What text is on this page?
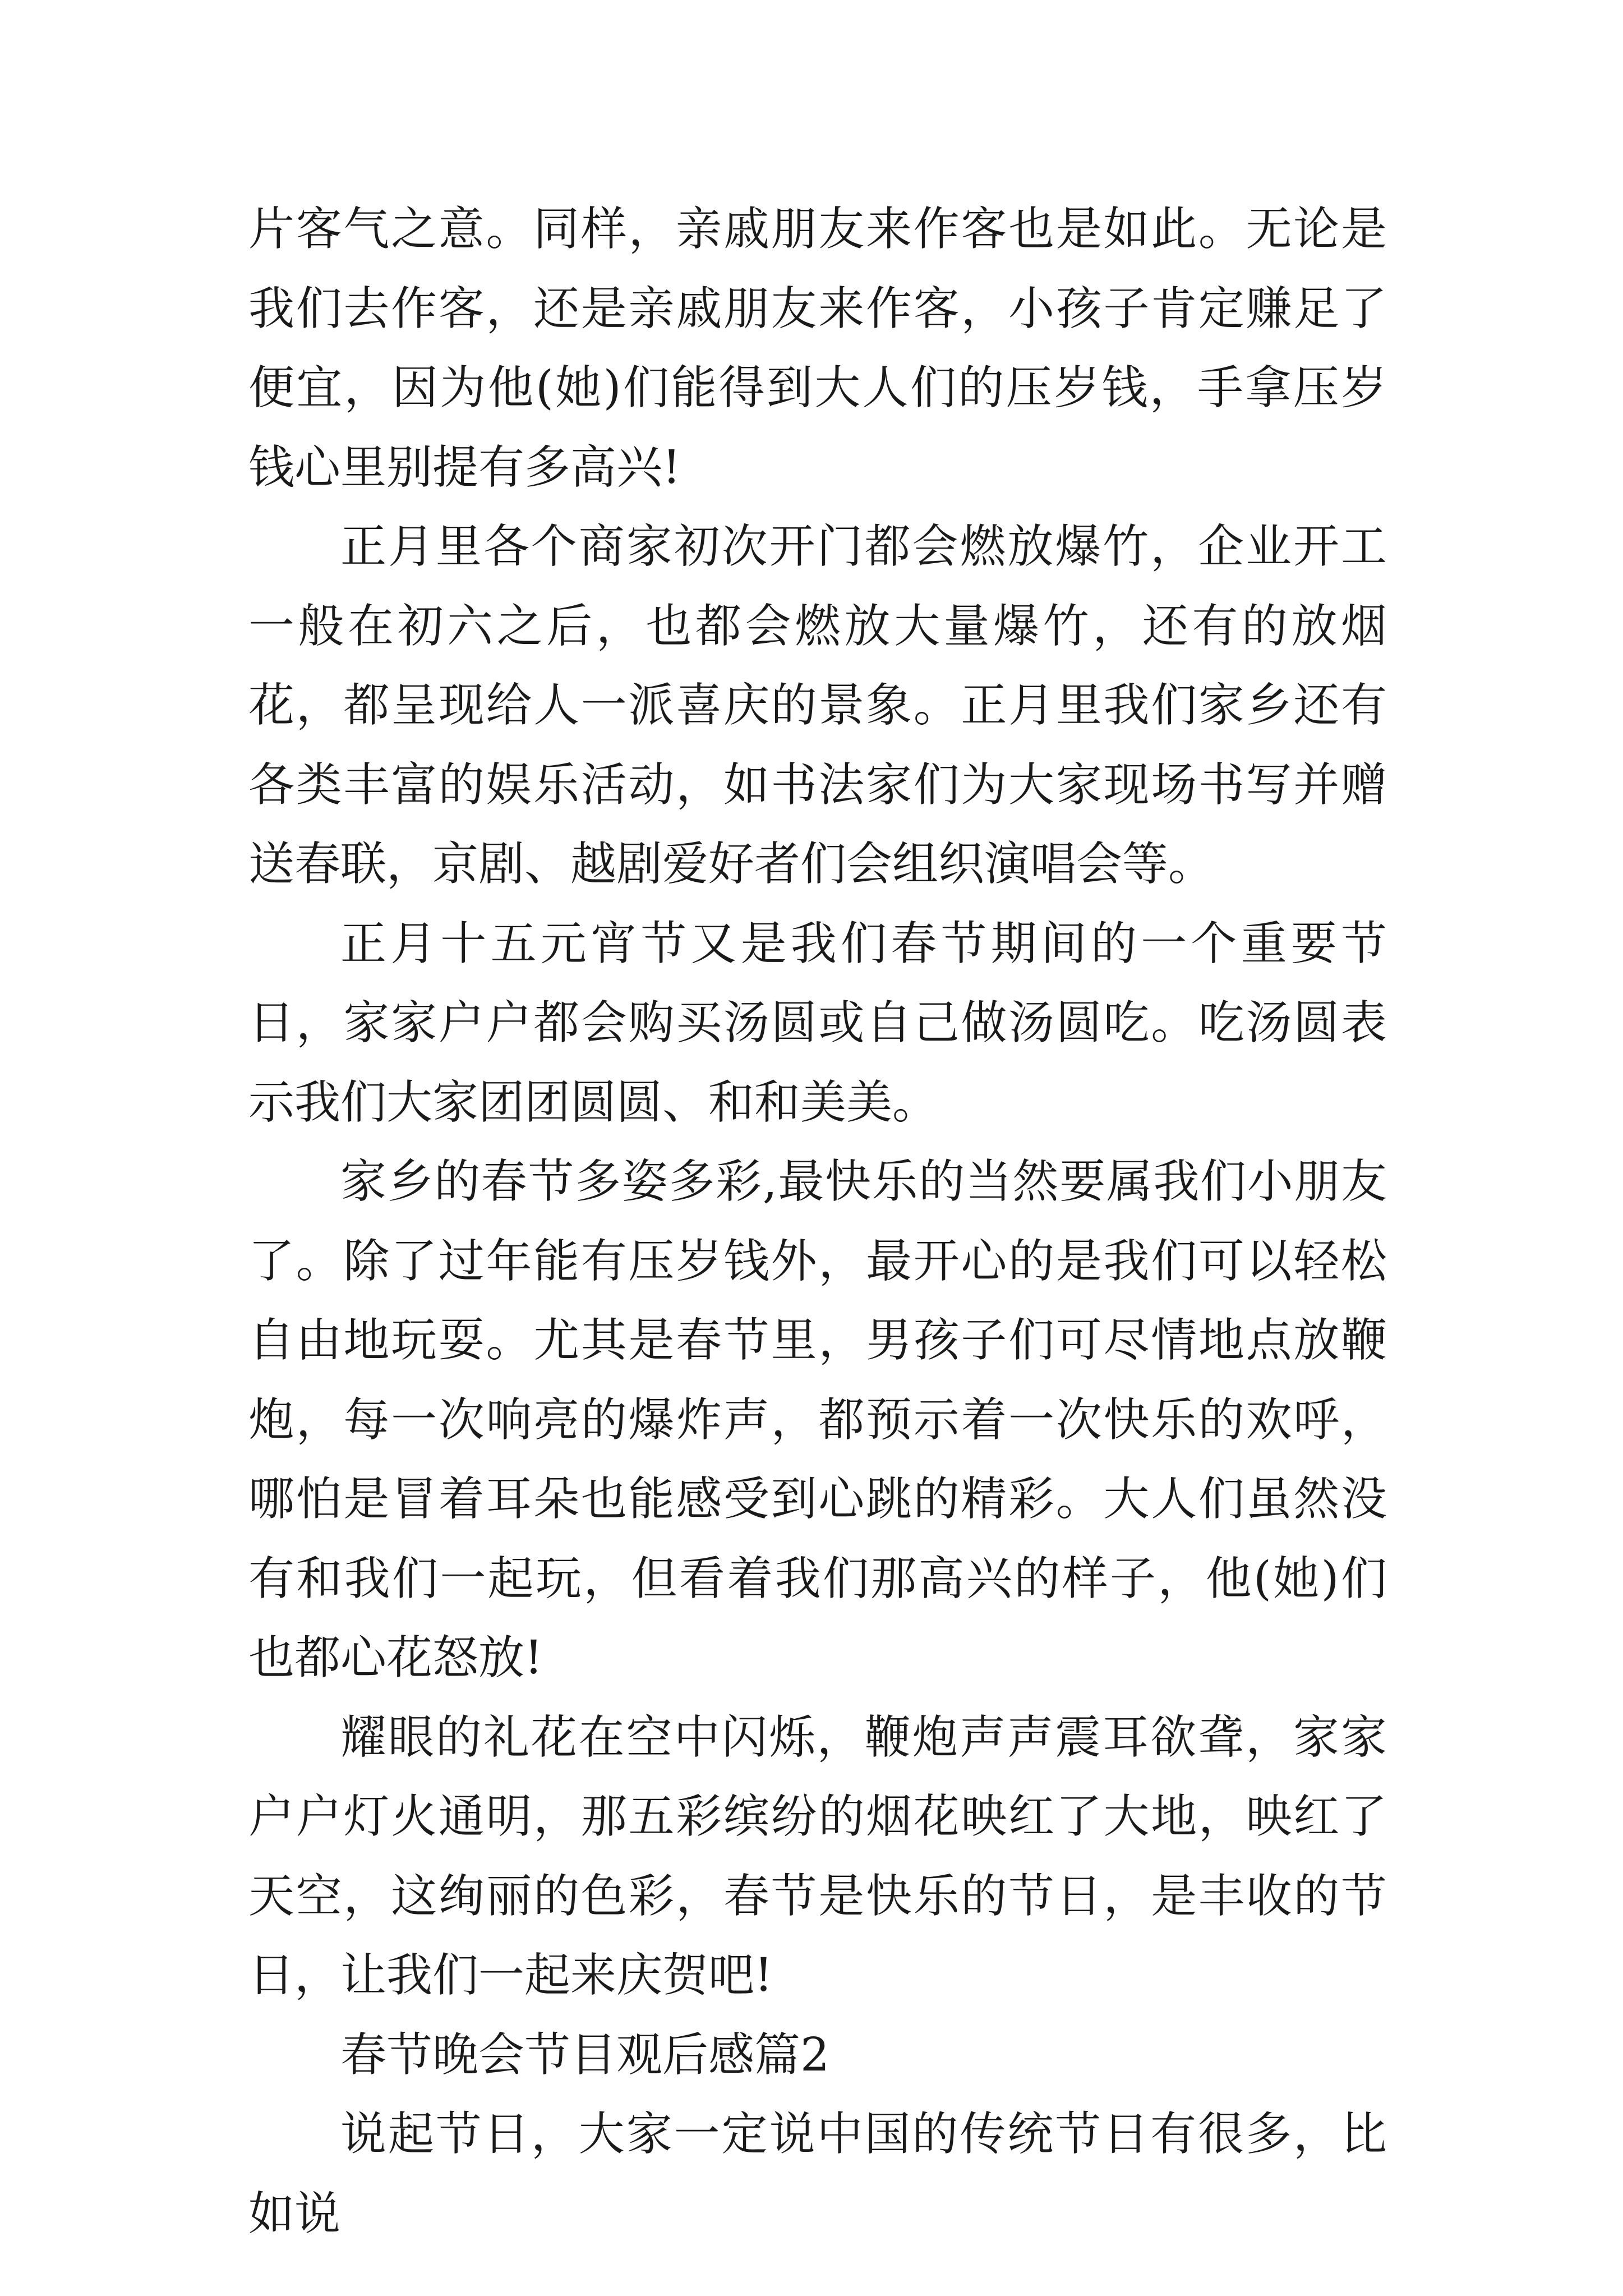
片客气之意。同样，亲戚朋友来作客也是如此。无论是我们去作客，还是亲戚朋友来作客，小孩子肯定赚足了便宜，因为他(她)们能得到大人们的压岁钱，手拿压岁钱心里别提有多高兴!

正月里各个商家初次开门都会燃放爆竹，企业开工一般在初六之后，也都会燃放大量爆竹，还有的放烟花，都呈现给人一派喜庆的景象。正月里我们家乡还有各类丰富的娱乐活动，如书法家们为大家现场书写并赠送春联，京剧、越剧爱好者们会组织演唱会等。

正月十五元宵节又是我们春节期间的一个重要节日，家家户户都会购买汤圆或自己做汤圆吃。吃汤圆表示我们大家团团圆圆、和和美美。

家乡的春节多姿多彩,最快乐的当然要属我们小朋友了。除了过年能有压岁钱外，最开心的是我们可以轻松自由地玩耍。尤其是春节里，男孩子们可尽情地点放鞭炮，每一次响亮的爆炸声，都预示着一次快乐的欢呼，哪怕是冒着耳朵也能感受到心跳的精彩。大人们虽然没有和我们一起玩，但看着我们那高兴的样子，他(她)们也都心花怒放!

耀眼的礼花在空中闪烁，鞭炮声声震耳欲聋，家家户户灯火通明，那五彩缤纷的烟花映红了大地，映红了天空，这绚丽的色彩，春节是快乐的节日，是丰收的节日，让我们一起来庆贺吧!

春节晚会节目观后感篇2

说起节日，大家一定说中国的传统节日有很多，比如说
